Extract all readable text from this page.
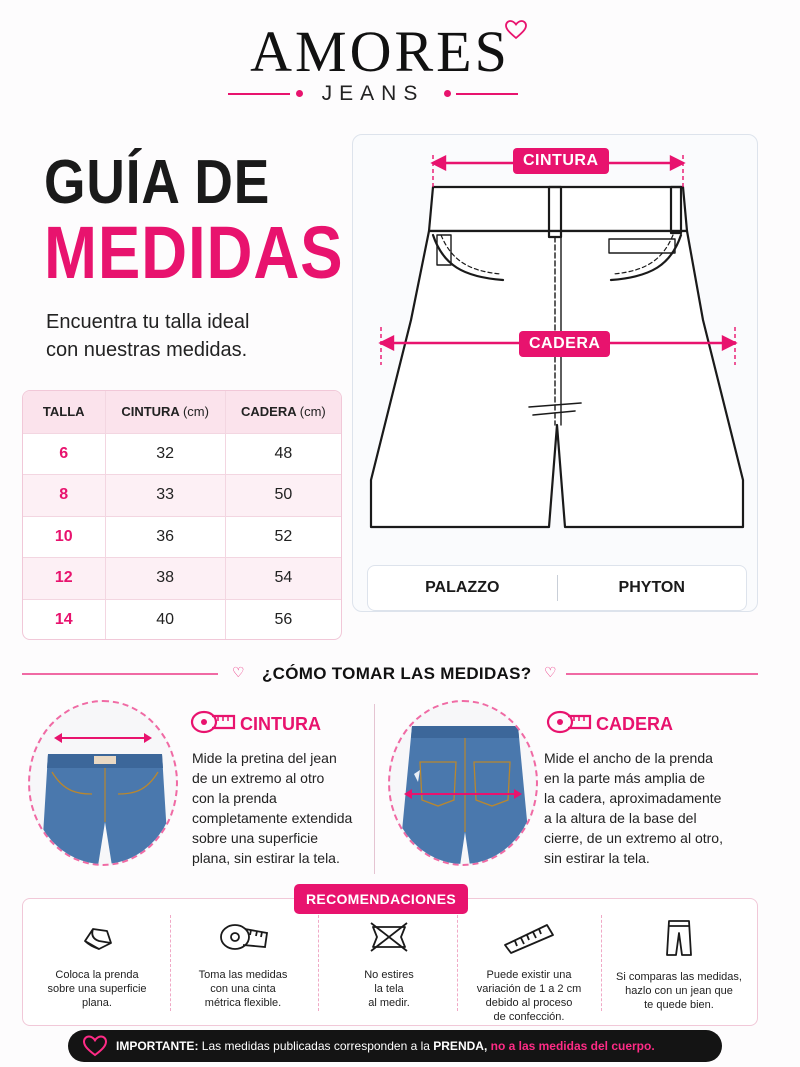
AMORES
JEANS
GUÍA DE
MEDIDAS
Encuentra tu talla ideal
con nuestras medidas.
TALLA	CINTURA (cm)	CADERA (cm)
6	32	48
8	33	50
10	36	52
12	38	54
14	40	56
CINTURA
CADERA
PALAZZO	PHYTON
♡ ¿CÓMO TOMAR LAS MEDIDAS? ♡
CINTURA
Mide la pretina del jean
de un extremo al otro
con la prenda
completamente extendida
sobre una superficie
plana, sin estirar la tela.
CADERA
Mide el ancho de la prenda
en la parte más amplia de
la cadera, aproximadamente
a la altura de la base del
cierre, de un extremo al otro,
sin estirar la tela.
Coloca la prenda
sobre una superficie
plana.
Toma las medidas
con una cinta
métrica flexible.
No estires
la tela
al medir.
Puede existir una
variación de 1 a 2 cm
debido al proceso
de confección.
Si comparas las medidas,
hazlo con un jean que
te quede bien.
RECOMENDACIONES
IMPORTANTE: Las medidas publicadas corresponden a la PRENDA, no a las medidas del cuerpo.
